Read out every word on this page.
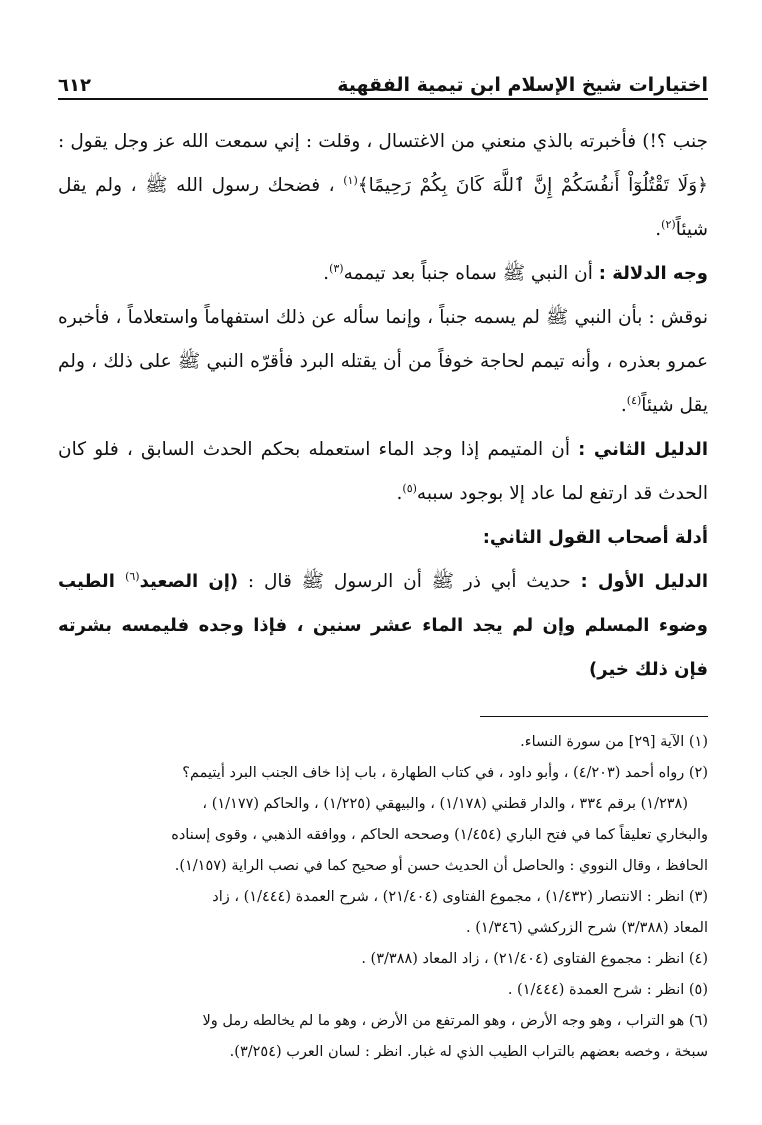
اختيارات شيخ الإسلام ابن تيمية الفقهية
٦١٢

جنب ؟!) فأخبرته بالذي منعني من الاغتسال ، وقلت : إني سمعت الله عز وجل يقول : ﴿وَلَا تَقْتُلُوٓاْ أَنفُسَكُمْ إِنَّ ٱللَّهَ كَانَ بِكُمْ رَحِيمًا﴾$^{(١)}$ ، فضحك رسول الله ﷺ ، ولم يقل شيئاً$^{(٢)}$.

وجه الدلالة : أن النبي ﷺ سماه جنباً بعد تيممه$^{(٣)}$.

نوقش : بأن النبي ﷺ لم يسمه جنباً ، وإنما سأله عن ذلك استفهاماً واستعلاماً ، فأخبره عمرو بعذره ، وأنه تيمم لحاجة خوفاً من أن يقتله البرد فأقرّه النبي ﷺ على ذلك ، ولم يقل شيئاً$^{(٤)}$.

الدليل الثاني : أن المتيمم إذا وجد الماء استعمله بحكم الحدث السابق ، فلو كان الحدث قد ارتفع لما عاد إلا بوجود سببه$^{(٥)}$.

أدلة أصحاب القول الثاني:

الدليل الأول : حديث أبي ذر ﷺ أن الرسول ﷺ قال : (إن الصعيد$^{(٦)}$ الطيب وضوء المسلم وإن لم يجد الماء عشر سنين ، فإذا وجده فليمسه بشرته فإن ذلك خير)

(١) الآية [٢٩] من سورة النساء.

(٢) رواه أحمد (٤/٢٠٣) ، وأبو داود ، في كتاب الطهارة ، باب إذا خاف الجنب البرد أيتيمم؟

(١/٢٣٨) برقم ٣٣٤ ، والدار قطني (١/١٧٨) ، والبيهقي (١/٢٢٥) ، والحاكم (١/١٧٧) ،

والبخاري تعليقاً كما في فتح الباري (١/٤٥٤) وصححه الحاكم ، ووافقه الذهبي ، وقوى إسناده

الحافظ ، وقال النووي : والحاصل أن الحديث حسن أو صحيح كما في نصب الراية (١/١٥٧).

(٣) انظر : الانتصار (١/٤٣٢) ، مجموع الفتاوى (٢١/٤٠٤) ، شرح العمدة (١/٤٤٤) ، زاد

المعاد (٣/٣٨٨) شرح الزركشي (١/٣٤٦) .

(٤) انظر : مجموع الفتاوى (٢١/٤٠٤) ، زاد المعاد (٣/٣٨٨) .

(٥) انظر : شرح العمدة (١/٤٤٤) .

(٦) هو التراب ، وهو وجه الأرض ، وهو المرتفع من الأرض ، وهو ما لم يخالطه رمل ولا

سبخة ، وخصه بعضهم بالتراب الطيب الذي له غبار. انظر : لسان العرب (٣/٢٥٤).
